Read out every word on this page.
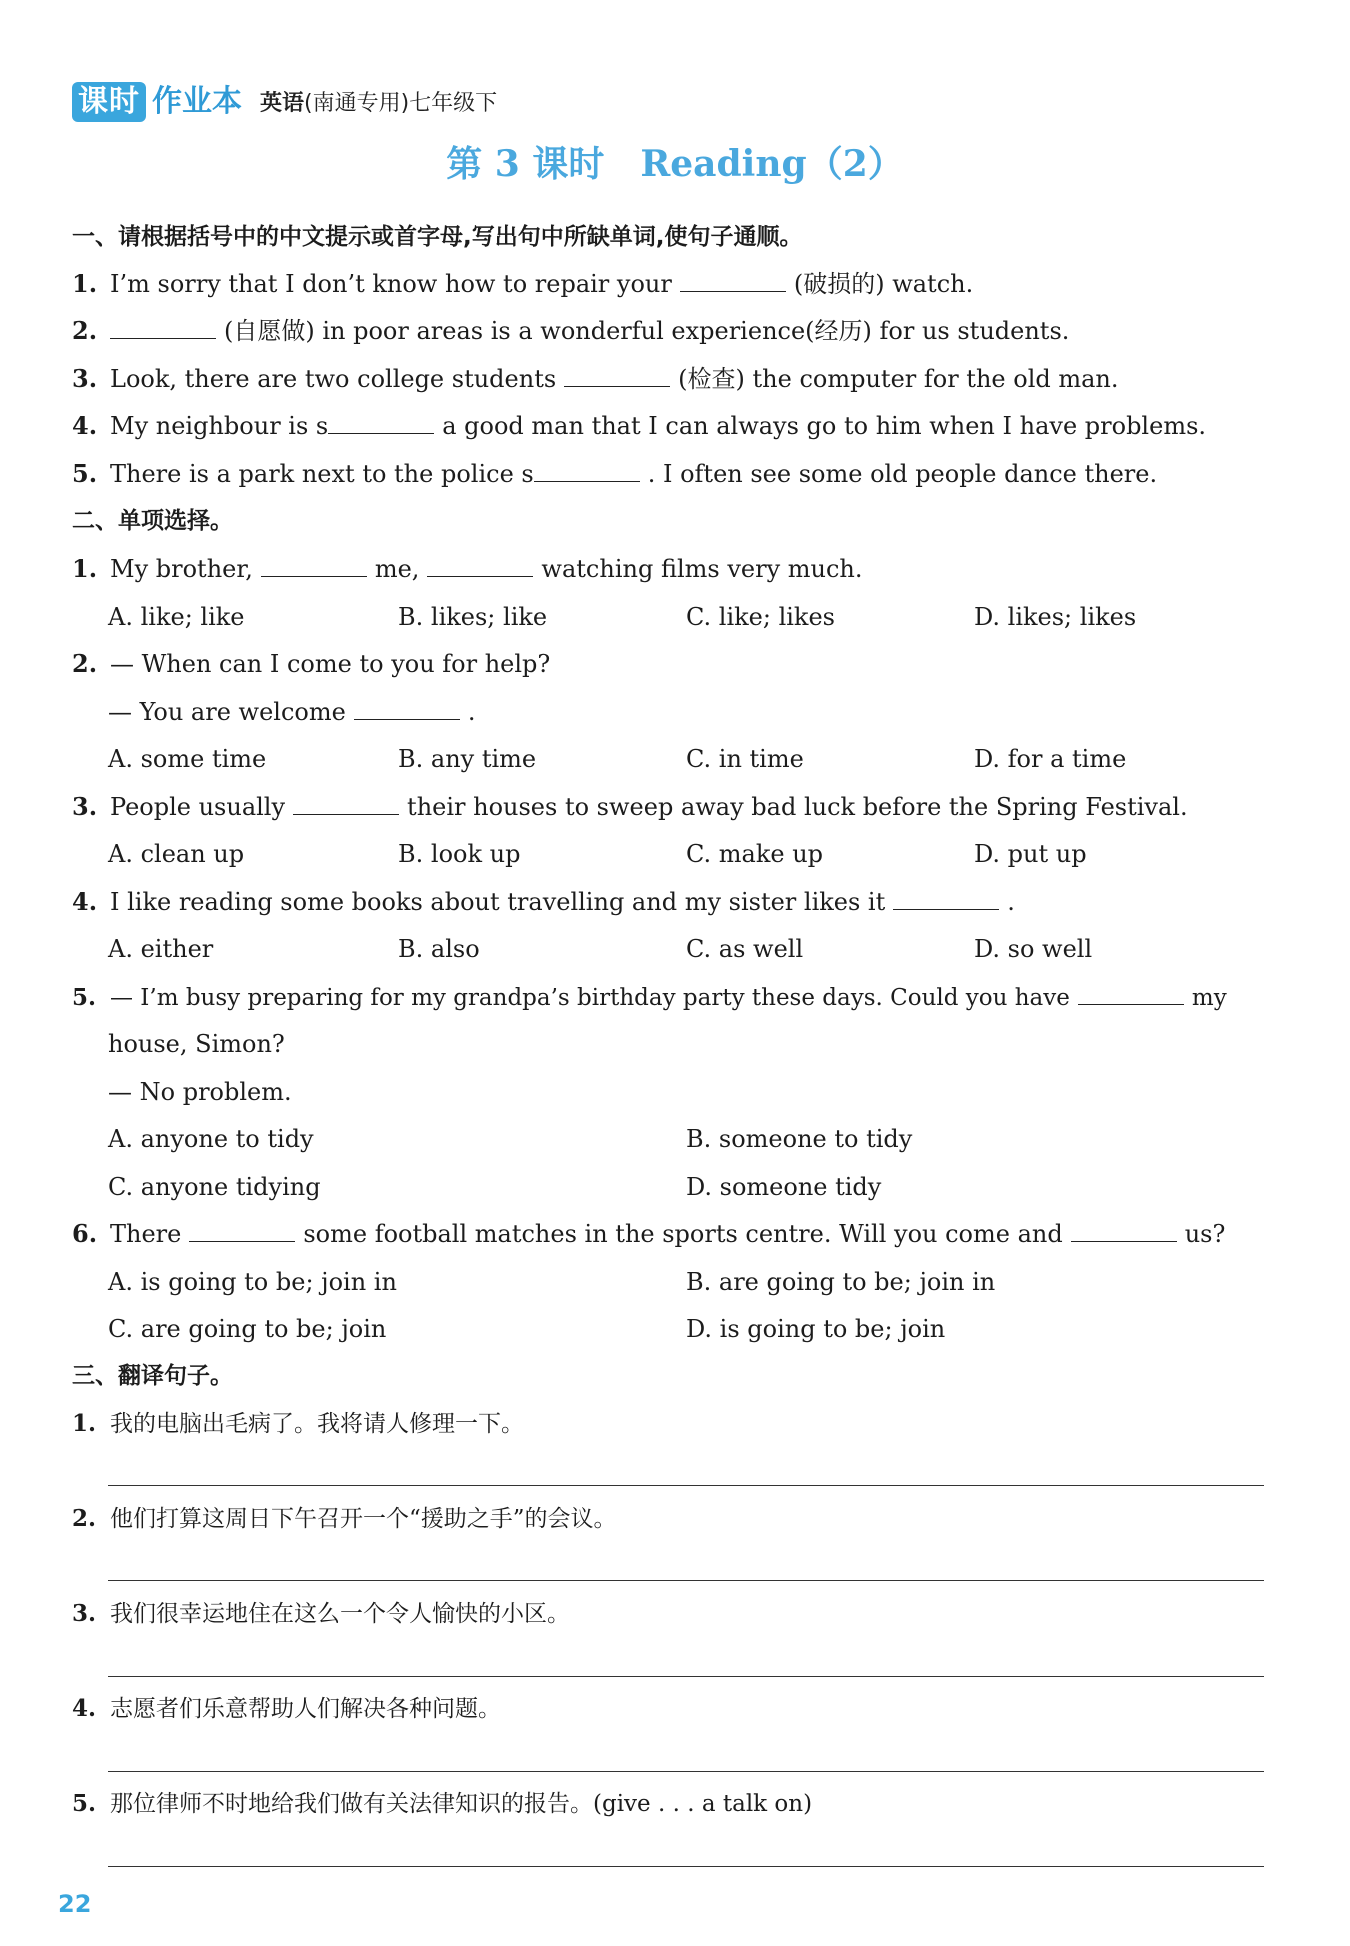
课时 作业本 英语(南通专用)七年级下
第 3 课时　Reading（2）
一、请根据括号中的中文提示或首字母,写出句中所缺单词,使句子通顺。
1. I’m sorry that I don’t know how to repair your	(破损的) watch.
2.	(自愿做) in poor areas is a wonderful experience(经历) for us students.
3. Look, there are two college students	(检查) the computer for the old man.
4. My neighbour is s	a good man that I can always go to him when I have problems.
5. There is a park next to the police s	. I often see some old people dance there.
二、单项选择。
1. My brother,	me,	watching films very much.
A. like; like	B. likes; like	C. like; likes	D. likes; likes
2. — When can I come to you for help?
— You are welcome	.
A. some time	B. any time	C. in time	D. for a time
3. People usually	their houses to sweep away bad luck before the Spring Festival.
A. clean up	B. look up	C. make up	D. put up
4. I like reading some books about travelling and my sister likes it	.
A. either	B. also	C. as well	D. so well
5. — I’m busy preparing for my grandpa’s birthday party these days. Could you have	my
house, Simon?
— No problem.
A. anyone to tidy	B. someone to tidy
C. anyone tidying	D. someone tidy
6. There	some football matches in the sports centre. Will you come and	us?
A. is going to be; join in	B. are going to be; join in
C. are going to be; join	D. is going to be; join
三、翻译句子。
1. 我的电脑出毛病了。我将请人修理一下。
2. 他们打算这周日下午召开一个“援助之手”的会议。
3. 我们很幸运地住在这么一个令人愉快的小区。
4. 志愿者们乐意帮助人们解决各种问题。
5. 那位律师不时地给我们做有关法律知识的报告。(give . . . a talk on)
22
